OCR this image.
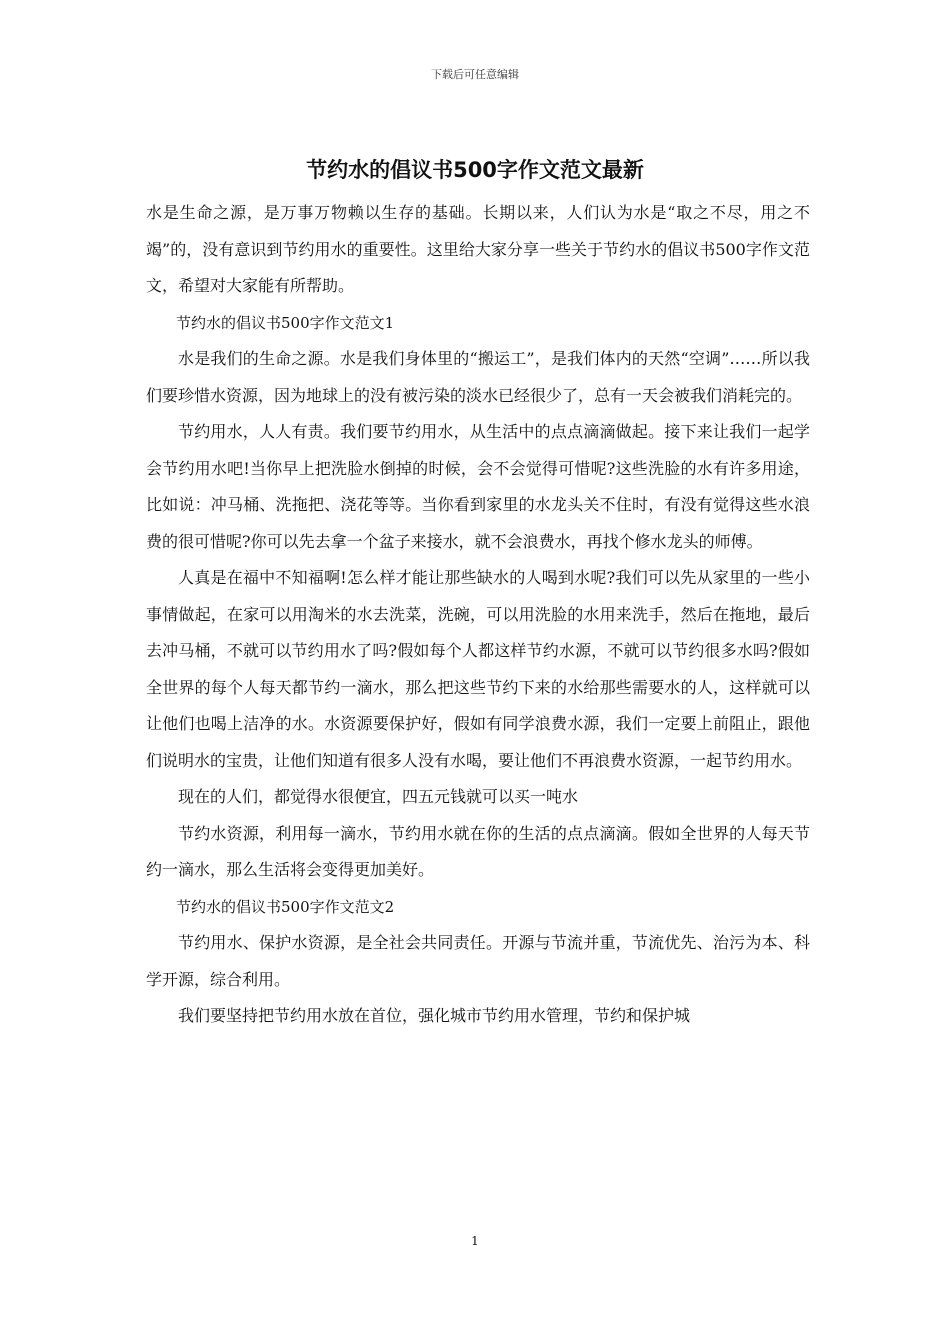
下载后可任意编辑
节约水的倡议书500字作文范文最新

水是生命之源，是万事万物赖以生存的基础。长期以来，人们认为水是“取之不尽，用之不竭”的，没有意识到节约用水的重要性。这里给大家分享一些关于节约水的倡议书500字作文范文，希望对大家能有所帮助。

节约水的倡议书500字作文范文1

水是我们的生命之源。水是我们身体里的“搬运工”，是我们体内的天然“空调”……所以我们要珍惜水资源，因为地球上的没有被污染的淡水已经很少了，总有一天会被我们消耗完的。

节约用水，人人有责。我们要节约用水，从生活中的点点滴滴做起。接下来让我们一起学会节约用水吧!当你早上把洗脸水倒掉的时候，会不会觉得可惜呢?这些洗脸的水有许多用途，比如说：冲马桶、洗拖把、浇花等等。当你看到家里的水龙头关不住时，有没有觉得这些水浪费的很可惜呢?你可以先去拿一个盆子来接水，就不会浪费水，再找个修水龙头的师傅。

人真是在福中不知福啊!怎么样才能让那些缺水的人喝到水呢?我们可以先从家里的一些小事情做起，在家可以用淘米的水去洗菜，洗碗，可以用洗脸的水用来洗手，然后在拖地，最后去冲马桶，不就可以节约用水了吗?假如每个人都这样节约水源，不就可以节约很多水吗?假如全世界的每个人每天都节约一滴水，那么把这些节约下来的水给那些需要水的人，这样就可以让他们也喝上洁净的水。水资源要保护好，假如有同学浪费水源，我们一定要上前阻止，跟他们说明水的宝贵，让他们知道有很多人没有水喝，要让他们不再浪费水资源，一起节约用水。

现在的人们，都觉得水很便宜，四五元钱就可以买一吨水

节约水资源，利用每一滴水，节约用水就在你的生活的点点滴滴。假如全世界的人每天节约一滴水，那么生活将会变得更加美好。

节约水的倡议书500字作文范文2

节约用水、保护水资源，是全社会共同责任。开源与节流并重，节流优先、治污为本、科学开源，综合利用。

我们要坚持把节约用水放在首位，强化城市节约用水管理，节约和保护城

1
